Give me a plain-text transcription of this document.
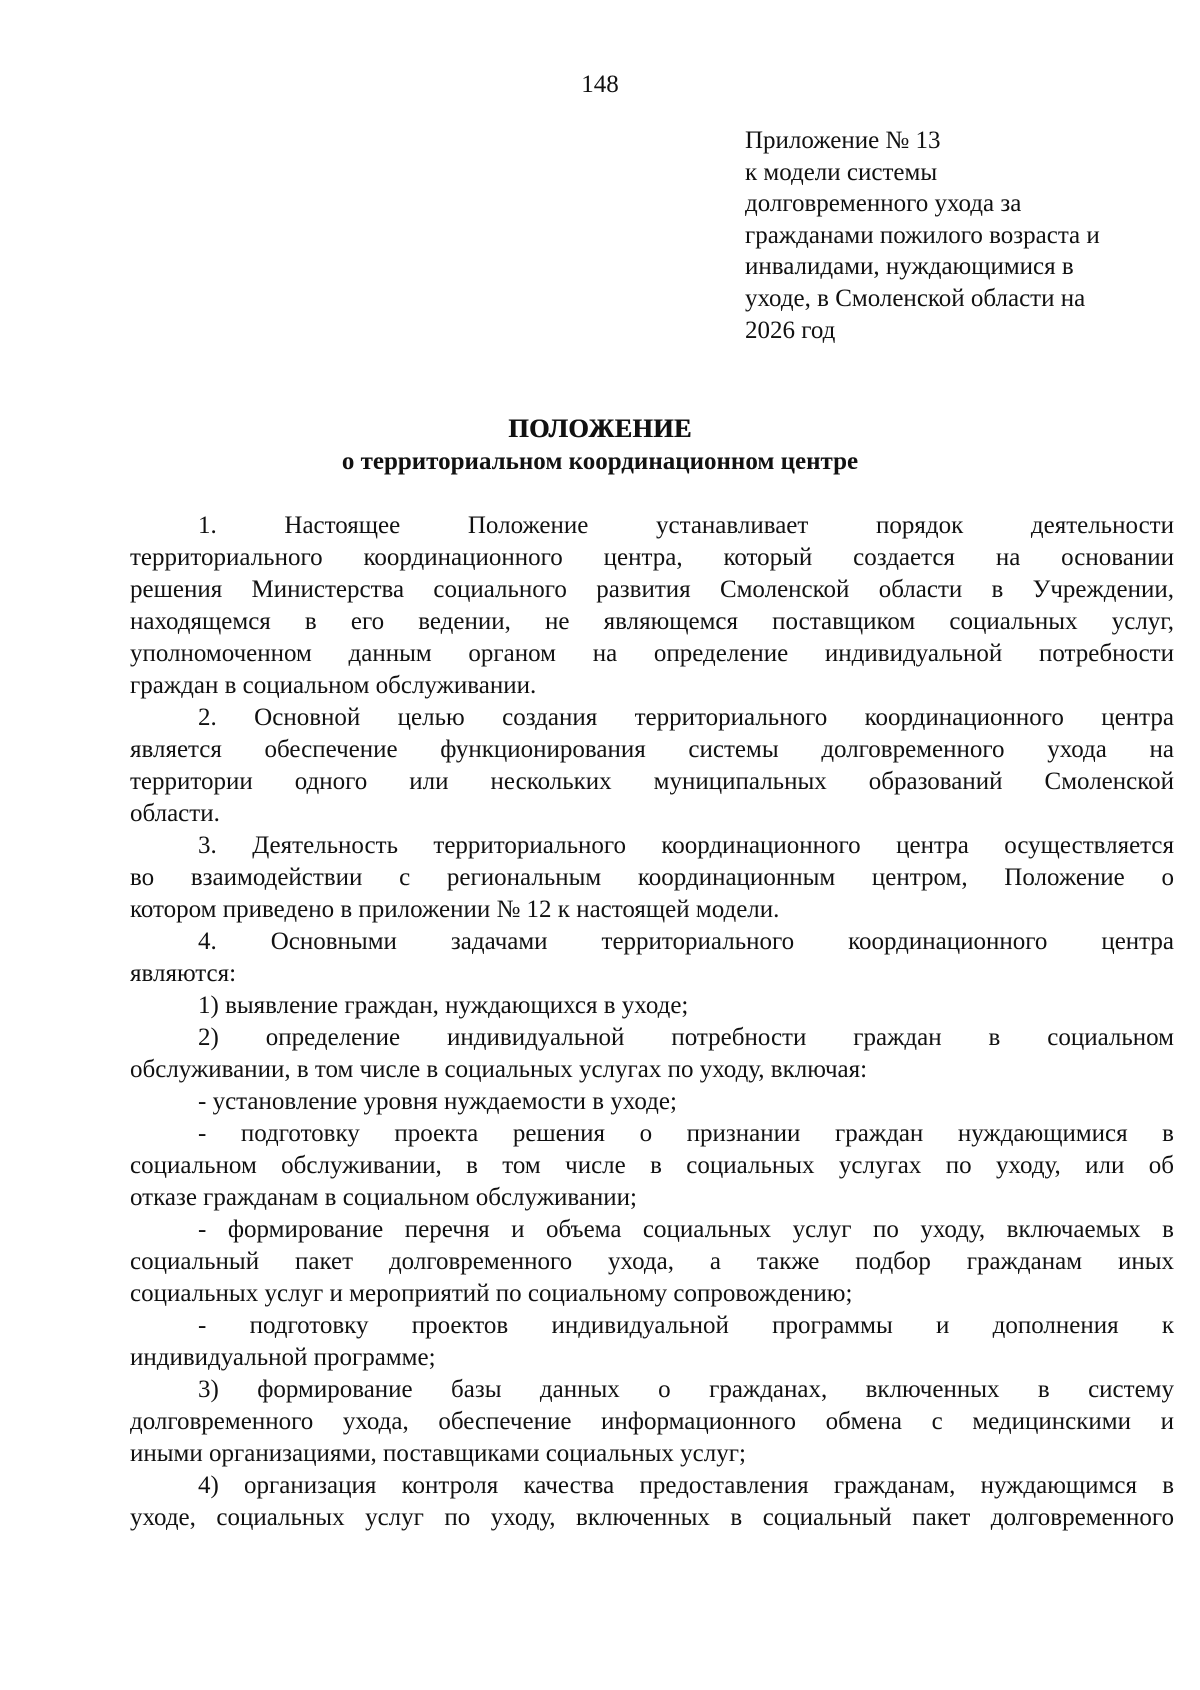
148
Приложение № 13
к модели системы
долговременного ухода за
гражданами пожилого возраста и
инвалидами, нуждающимися в
уходе, в Смоленской области на
2026 год
ПОЛОЖЕНИЕ
о территориальном координационном центре
1. Настоящее Положение устанавливает порядок деятельности
территориального координационного центра, который создается на основании
решения Министерства социального развития Смоленской области в Учреждении,
находящемся в его ведении, не являющемся поставщиком социальных услуг,
уполномоченном данным органом на определение индивидуальной потребности
граждан в социальном обслуживании.
2. Основной целью создания территориального координационного центра
является обеспечение функционирования системы долговременного ухода на
территории одного или нескольких муниципальных образований Смоленской
области.
3. Деятельность территориального координационного центра осуществляется
во взаимодействии с региональным координационным центром, Положение о
котором приведено в приложении № 12 к настоящей модели.
4. Основными задачами территориального координационного центра
являются:
1) выявление граждан, нуждающихся в уходе;
2) определение индивидуальной потребности граждан в социальном
обслуживании, в том числе в социальных услугах по уходу, включая:
- установление уровня нуждаемости в уходе;
- подготовку проекта решения о признании граждан нуждающимися в
социальном обслуживании, в том числе в социальных услугах по уходу, или об
отказе гражданам в социальном обслуживании;
- формирование перечня и объема социальных услуг по уходу, включаемых в
социальный пакет долговременного ухода, а также подбор гражданам иных
социальных услуг и мероприятий по социальному сопровождению;
- подготовку проектов индивидуальной программы и дополнения к
индивидуальной программе;
3) формирование базы данных о гражданах, включенных в систему
долговременного ухода, обеспечение информационного обмена с медицинскими и
иными организациями, поставщиками социальных услуг;
4) организация контроля качества предоставления гражданам, нуждающимся в
уходе, социальных услуг по уходу, включенных в социальный пакет долговременного
